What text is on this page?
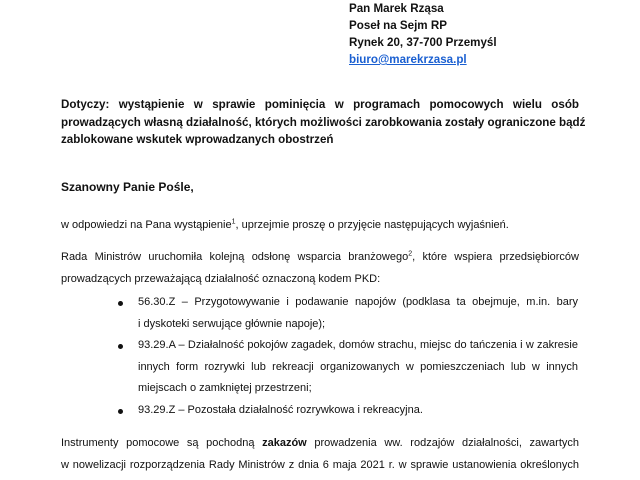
Pan Marek Rząsa
Poseł na Sejm RP
Rynek 20, 37-700 Przemyśl
biuro@marekrzasa.pl
Dotyczy: wystąpienie w sprawie pominięcia w programach pomocowych wielu osób
prowadzących własną działalność, których możliwości zarobkowania zostały ograniczone bądź
zablokowane wskutek wprowadzanych obostrzeń
Szanowny Panie Pośle,
w odpowiedzi na Pana wystąpienie$^1$, uprzejmie proszę o przyjęcie następujących wyjaśnień.
Rada Ministrów uruchomiła kolejną odsłonę wsparcia branżowego$^2$, które wspiera przedsiębiorców
prowadzących przeważającą działalność oznaczoną kodem PKD:
56.30.Z – Przygotowywanie i podawanie napojów (podklasa ta obejmuje, m.in. bary
i dyskoteki serwujące głównie napoje);
93.29.A – Działalność pokojów zagadek, domów strachu, miejsc do tańczenia i w zakresie
innych form rozrywki lub rekreacji organizowanych w pomieszczeniach lub w innych
miejscach o zamkniętej przestrzeni;
93.29.Z – Pozostała działalność rozrywkowa i rekreacyjna.
Instrumenty pomocowe są pochodną zakazów prowadzenia ww. rodzajów działalności, zawartych
w nowelizacji rozporządzenia Rady Ministrów z dnia 6 maja 2021 r. w sprawie ustanowienia określonych
